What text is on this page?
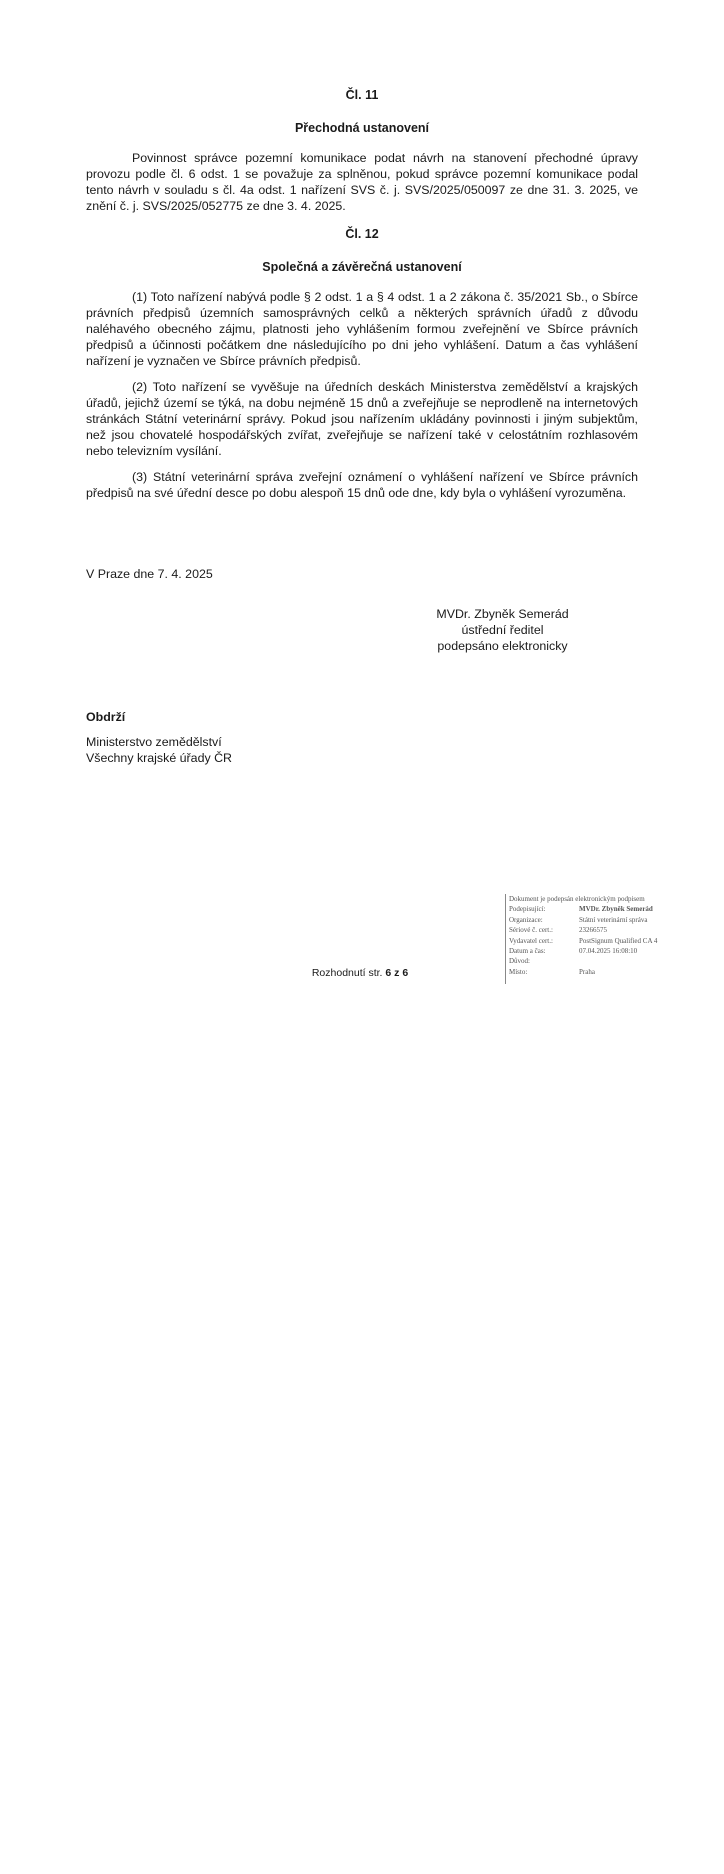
Čl. 11
Přechodná ustanovení

Povinnost správce pozemní komunikace podat návrh na stanovení přechodné úpravy provozu podle čl. 6 odst. 1 se považuje za splněnou, pokud správce pozemní komunikace podal tento návrh v souladu s čl. 4a odst. 1 nařízení SVS č. j. SVS/2025/050097 ze dne 31. 3. 2025, ve znění č. j. SVS/2025/052775 ze dne 3. 4. 2025.

Čl. 12
Společná a závěrečná ustanovení

(1) Toto nařízení nabývá podle § 2 odst. 1 a § 4 odst. 1 a 2 zákona č. 35/2021 Sb., o Sbírce právních předpisů územních samosprávných celků a některých správních úřadů z důvodu naléhavého obecného zájmu, platnosti jeho vyhlášením formou zveřejnění ve Sbírce právních předpisů a účinnosti počátkem dne následujícího po dni jeho vyhlášení. Datum a čas vyhlášení nařízení je vyznačen ve Sbírce právních předpisů.

(2) Toto nařízení se vyvěšuje na úředních deskách Ministerstva zemědělství a krajských úřadů, jejichž území se týká, na dobu nejméně 15 dnů a zveřejňuje se neprodleně na internetových stránkách Státní veterinární správy. Pokud jsou nařízením ukládány povinnosti i jiným subjektům, než jsou chovatelé hospodářských zvířat, zveřejňuje se nařízení také v celostátním rozhlasovém nebo televizním vysílání.

(3) Státní veterinární správa zveřejní oznámení o vyhlášení nařízení ve Sbírce právních předpisů na své úřední desce po dobu alespoň 15 dnů ode dne, kdy byla o vyhlášení vyrozuměna.

V Praze dne 7. 4. 2025

MVDr. Zbyněk Semerád
ústřední ředitel
podepsáno elektronicky
Obdrží
Ministerstvo zemědělství
Všechny krajské úřady ČR
Dokument je podepsán elektronickým podpisem
Podepisující:	MVDr. Zbyněk Semerád
Organizace:	Státní veterinární správa
Sériové č. cert.:	23266575
Vydavatel cert.:	PostSignum Qualified CA 4
Datum a čas:	07.04.2025 16:08:10
Důvod:
Místo:	Praha
Rozhodnutí str. 6 z 6
